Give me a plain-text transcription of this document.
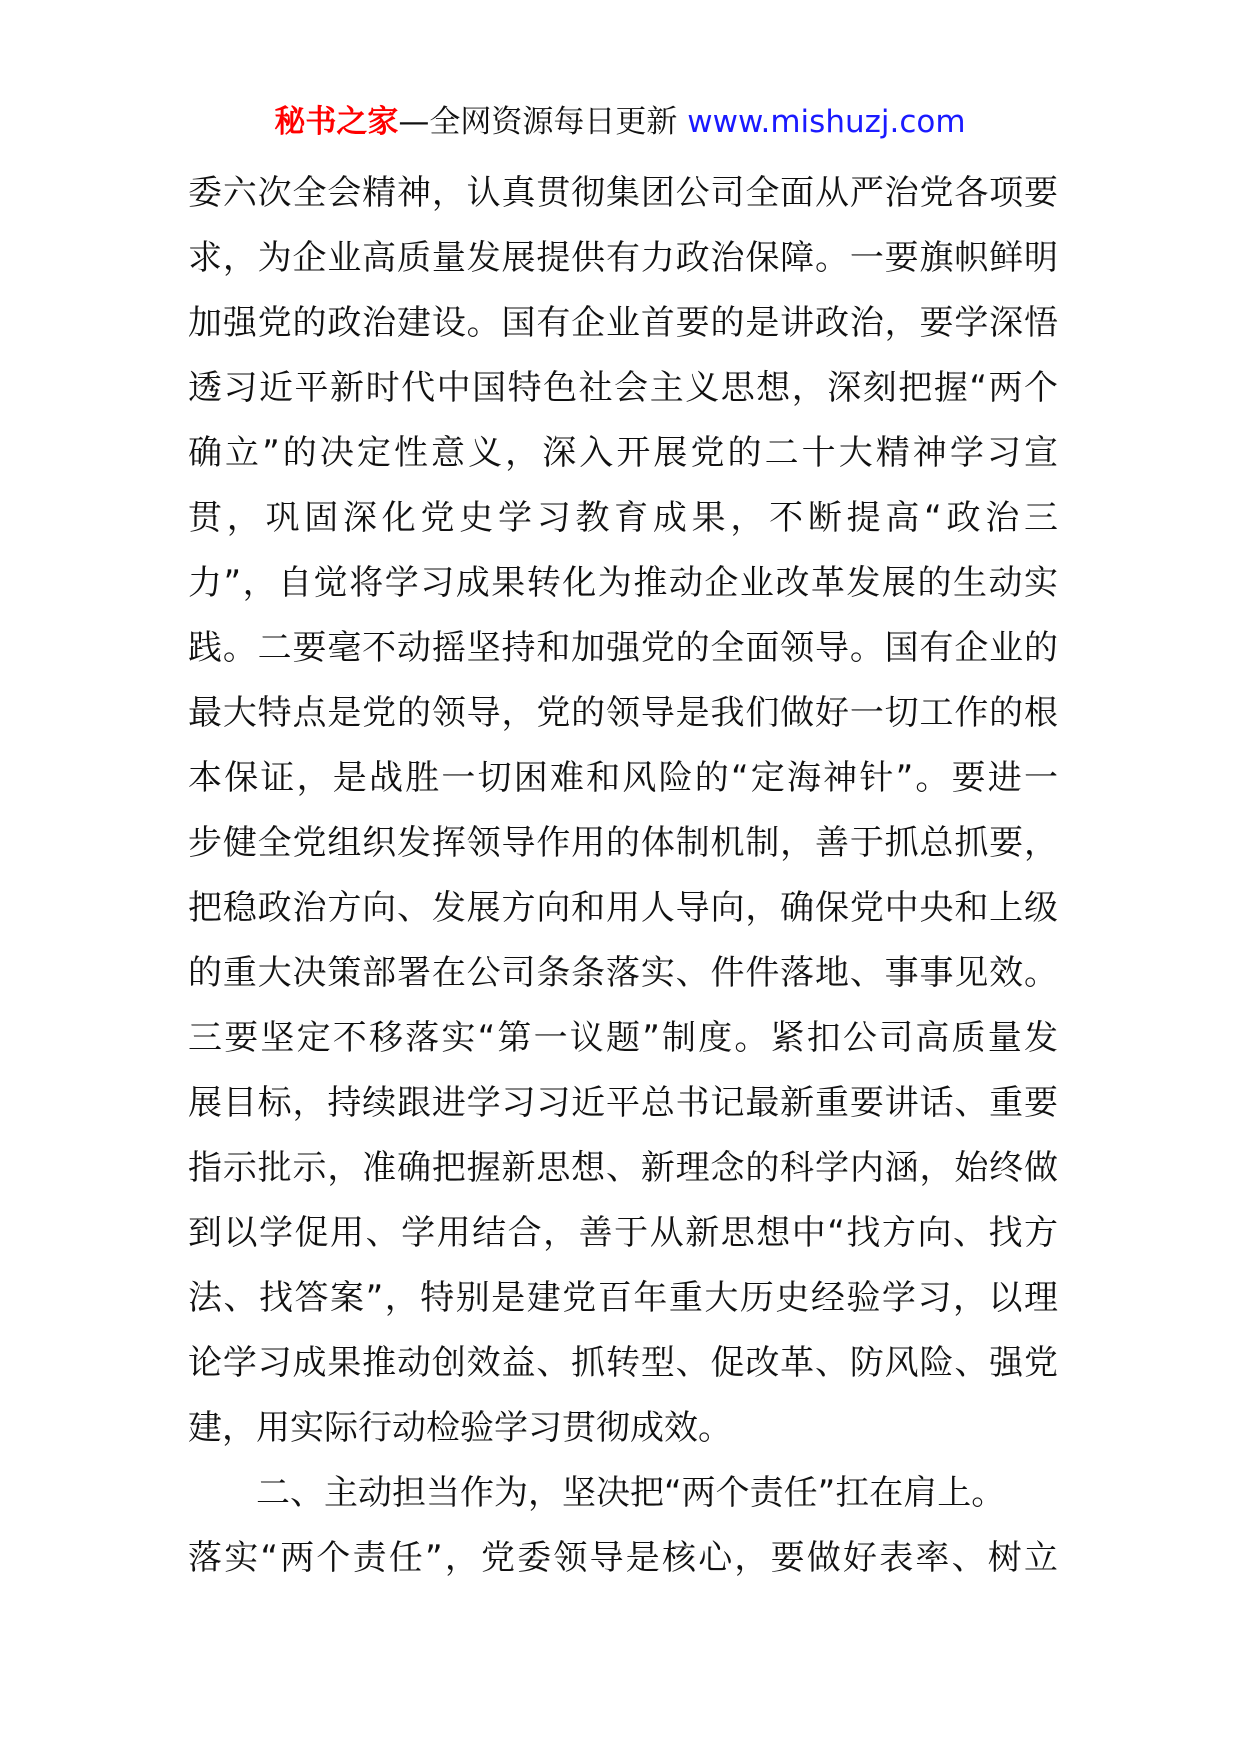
秘书之家—全网资源每日更新 www.mishuzj.com
委六次全会精神，认真贯彻集团公司全面从严治党各项要
求，为企业高质量发展提供有力政治保障。一要旗帜鲜明
加强党的政治建设。国有企业首要的是讲政治，要学深悟
透习近平新时代中国特色社会主义思想，深刻把握“两个
确立”的决定性意义，深入开展党的二十大精神学习宣
贯，巩固深化党史学习教育成果，不断提高“政治三
力”，自觉将学习成果转化为推动企业改革发展的生动实
践。二要毫不动摇坚持和加强党的全面领导。国有企业的
最大特点是党的领导，党的领导是我们做好一切工作的根
本保证，是战胜一切困难和风险的“定海神针”。要进一
步健全党组织发挥领导作用的体制机制，善于抓总抓要，
把稳政治方向、发展方向和用人导向，确保党中央和上级
的重大决策部署在公司条条落实、件件落地、事事见效。
三要坚定不移落实“第一议题”制度。紧扣公司高质量发
展目标，持续跟进学习习近平总书记最新重要讲话、重要
指示批示，准确把握新思想、新理念的科学内涵，始终做
到以学促用、学用结合，善于从新思想中“找方向、找方
法、找答案”，特别是建党百年重大历史经验学习，以理
论学习成果推动创效益、抓转型、促改革、防风险、强党
建，用实际行动检验学习贯彻成效。
二、主动担当作为，坚决把“两个责任”扛在肩上。
落实“两个责任”，党委领导是核心，要做好表率、树立
